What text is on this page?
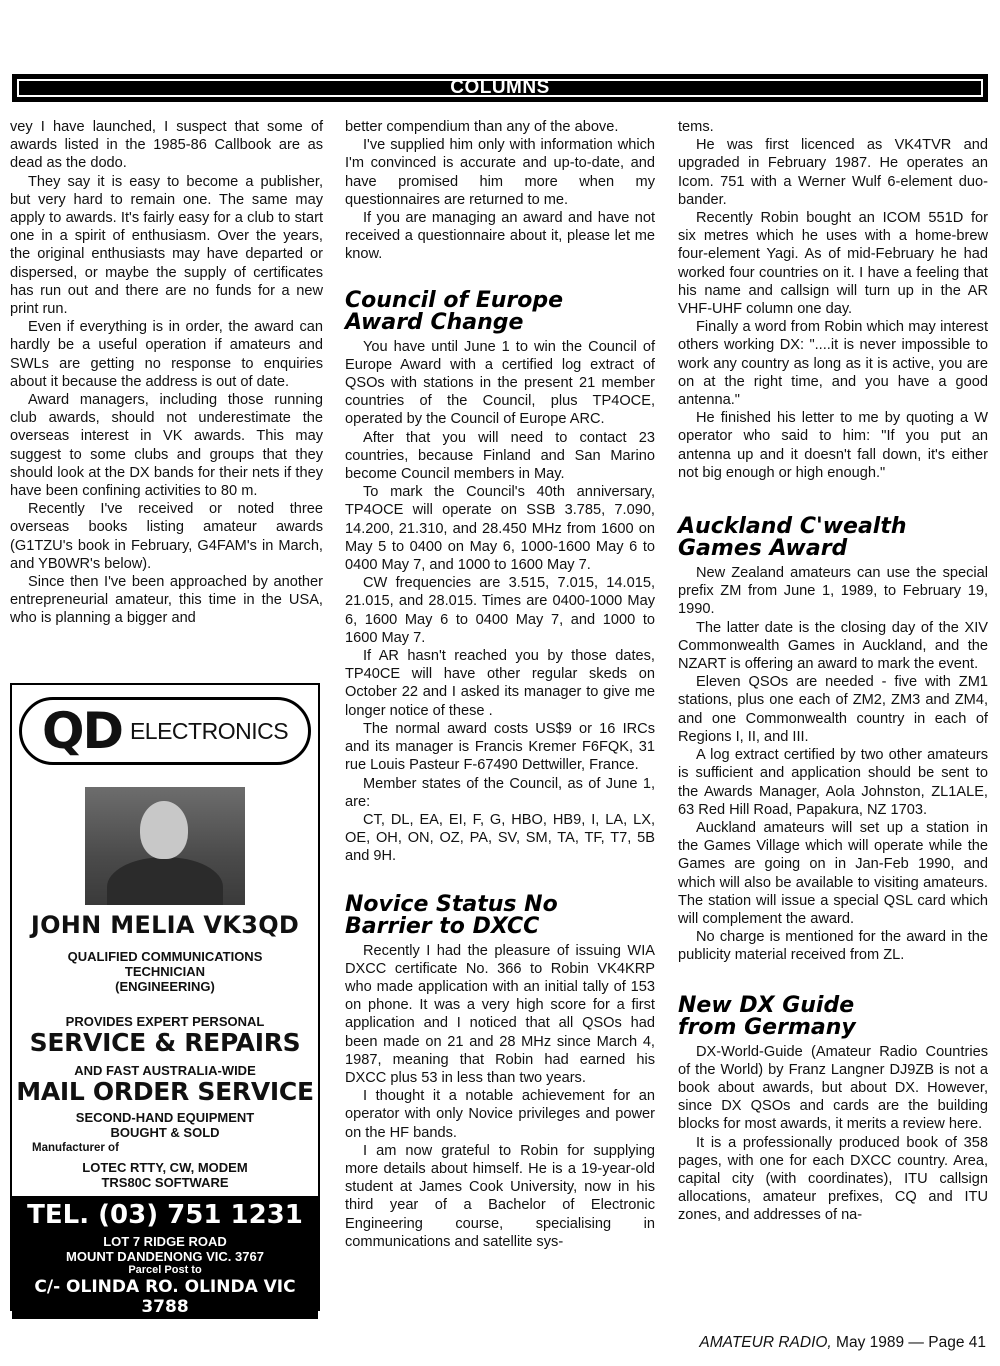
COLUMNS

vey I have launched, I suspect that some of awards listed in the 1985-86 Callbook are as dead as the dodo.

They say it is easy to become a publisher, but very hard to remain one. The same may apply to awards. It's fairly easy for a club to start one in a spirit of enthusiasm. Over the years, the original enthusiasts may have departed or dispersed, or maybe the supply of certificates has run out and there are no funds for a new print run.

Even if everything is in order, the award can hardly be a useful operation if amateurs and SWLs are getting no response to enquiries about it because the address is out of date.

Award managers, including those running club awards, should not underestimate the overseas interest in VK awards. This may suggest to some clubs and groups that they should look at the DX bands for their nets if they have been confining activities to 80 m.

Recently I've received or noted three overseas books listing amateur awards (G1TZU's book in February, G4FAM's in March, and YB0WR's below).

Since then I've been approached by another entrepreneurial amateur, this time in the USA, who is planning a bigger and

QD ELECTRONICS
JOHN MELIA VK3QD
QUALIFIED COMMUNICATIONS
TECHNICIAN
(ENGINEERING)
PROVIDES EXPERT PERSONAL
SERVICE & REPAIRS
AND FAST AUSTRALIA-WIDE
MAIL ORDER SERVICE
SECOND-HAND EQUIPMENT
BOUGHT & SOLD
Manufacturer of
LOTEC RTTY, CW, MODEM
TRS80C SOFTWARE
TEL. (03) 751 1231
LOT 7 RIDGE ROAD
MOUNT DANDENONG VIC. 3767
Parcel Post to
C/- OLINDA RO. OLINDA VIC
3788

better compendium than any of the above.

I've supplied him only with information which I'm convinced is accurate and up-to-date, and have promised him more when my questionnaires are returned to me.

If you are managing an award and have not received a questionnaire about it, please let me know.

Council of Europe
Award Change

You have until June 1 to win the Council of Europe Award with a certified log extract of QSOs with stations in the present 21 member countries of the Council, plus TP4OCE, operated by the Council of Europe ARC.

After that you will need to contact 23 countries, because Finland and San Marino become Council members in May.

To mark the Council's 40th anniversary, TP4OCE will operate on SSB 3.785, 7.090, 14.200, 21.310, and 28.450 MHz from 1600 on May 5 to 0400 on May 6, 1000-1600 May 6 to 0400 May 7, and 1000 to 1600 May 7.

CW frequencies are 3.515, 7.015, 14.015, 21.015, and 28.015. Times are 0400-1000 May 6, 1600 May 6 to 0400 May 7, and 1000 to 1600 May 7.

If AR hasn't reached you by those dates, TP40CE will have other regular skeds on October 22 and I asked its manager to give me longer notice of these .

The normal award costs US$9 or 16 IRCs and its manager is Francis Kremer F6FQK, 31 rue Louis Pasteur F-67490 Dettwiller, France.

Member states of the Council, as of June 1, are:

CT, DL, EA, EI, F, G, HBO, HB9, I, LA, LX, OE, OH, ON, OZ, PA, SV, SM, TA, TF, T7, 5B and 9H.

Novice Status No
Barrier to DXCC

Recently I had the pleasure of issuing WIA DXCC certificate No. 366 to Robin VK4KRP who made application with an initial tally of 153 on phone. It was a very high score for a first application and I noticed that all QSOs had been made on 21 and 28 MHz since March 4, 1987, meaning that Robin had earned his DXCC plus 53 in less than two years.

I thought it a notable achievement for an operator with only Novice privileges and power on the HF bands.

I am now grateful to Robin for supplying more details about himself. He is a 19-year-old student at James Cook University, now in his third year of a Bachelor of Electronic Engineering course, specialising in communications and satellite sys-

tems.

He was first licenced as VK4TVR and upgraded in February 1987. He operates an Icom. 751 with a Werner Wulf 6-element duo-bander.

Recently Robin bought an ICOM 551D for six metres which he uses with a home-brew four-element Yagi. As of mid-February he had worked four countries on it. I have a feeling that his name and callsign will turn up in the AR VHF-UHF column one day.

Finally a word from Robin which may interest others working DX: "....it is never impossible to work any country as long as it is active, you are on at the right time, and you have a good antenna."

He finished his letter to me by quoting a W operator who said to him: "If you put an antenna up and it doesn't fall down, it's either not big enough or high enough."

Auckland C'wealth
Games Award

New Zealand amateurs can use the special prefix ZM from June 1, 1989, to February 19, 1990.

The latter date is the closing day of the XIV Commonwealth Games in Auckland, and the NZART is offering an award to mark the event.

Eleven QSOs are needed - five with ZM1 stations, plus one each of ZM2, ZM3 and ZM4, and one Commonwealth country in each of Regions I, II, and III.

A log extract certified by two other amateurs is sufficient and application should be sent to the Awards Manager, Aola Johnston, ZL1ALE, 63 Red Hill Road, Papakura, NZ 1703.

Auckland amateurs will set up a station in the Games Village which will operate while the Games are going on in Jan-Feb 1990, and which will also be available to visiting amateurs. The station will issue a special QSL card which will complement the award.

No charge is mentioned for the award in the publicity material received from ZL.

New DX Guide
from Germany

DX-World-Guide (Amateur Radio Countries of the World) by Franz Langner DJ9ZB is not a book about awards, but about DX. However, since DX QSOs and cards are the building blocks for most awards, it merits a review here.

It is a professionally produced book of 358 pages, with one for each DXCC country. Area, capital city (with coordinates), ITU callsign allocations, amateur prefixes, CQ and ITU zones, and addresses of na-

AMATEUR RADIO, May 1989 — Page 41
